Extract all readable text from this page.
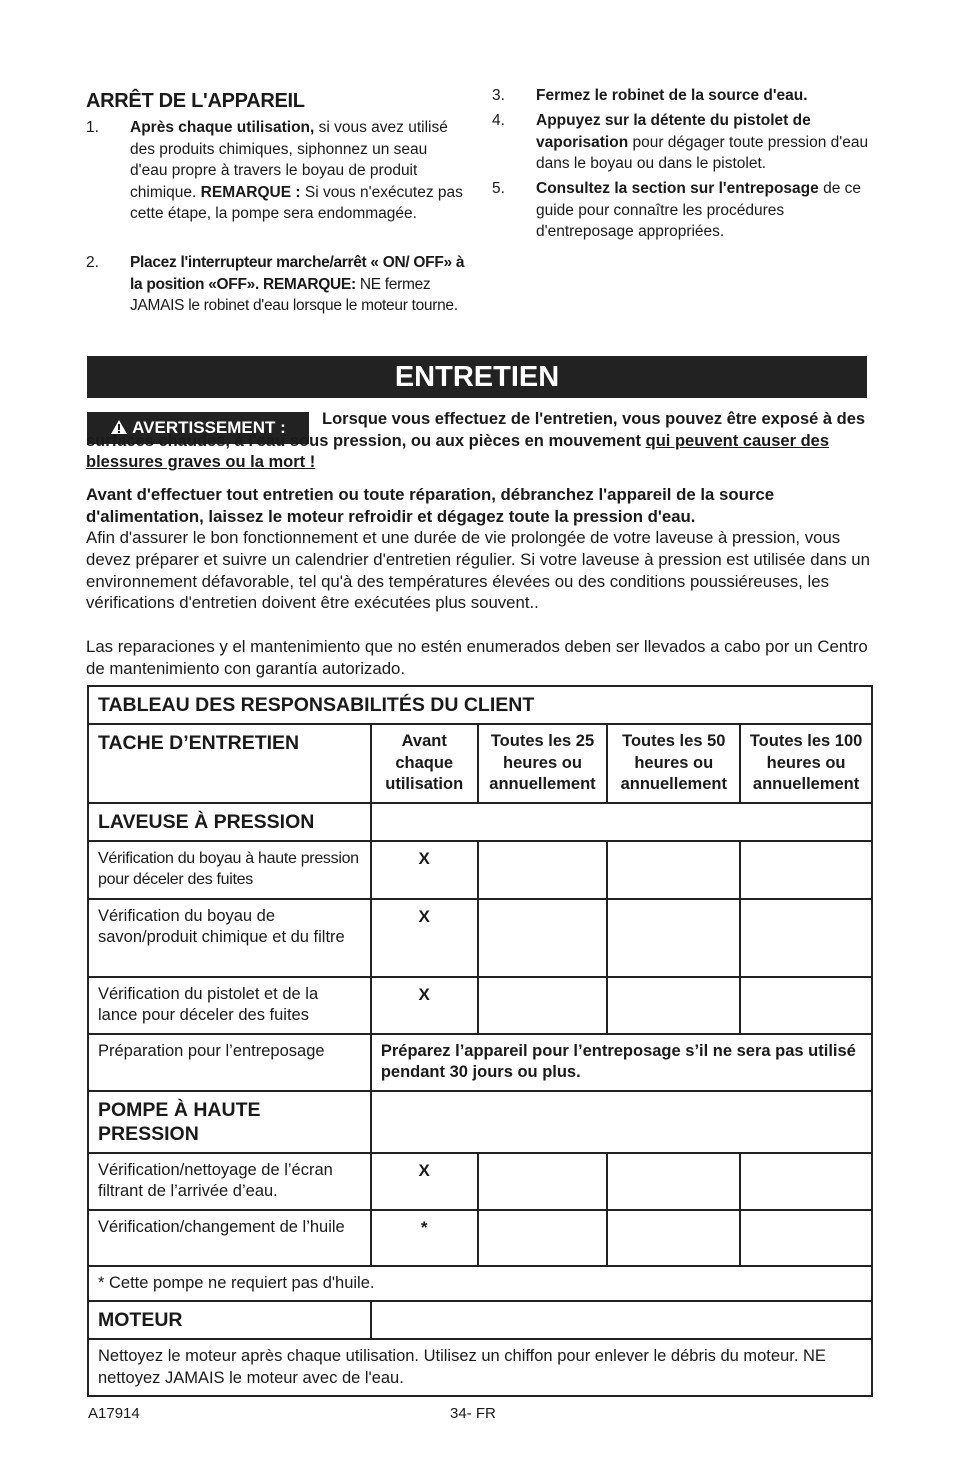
ARRÊT DE L'APPAREIL
1. Après chaque utilisation, si vous avez utilisé des produits chimiques, siphonnez un seau d'eau propre à travers le boyau de produit chimique. REMARQUE : Si vous n'exécutez pas cette étape, la pompe sera endommagée.
2. Placez l'interrupteur marche/arrêt « ON/ OFF» à la position «OFF». REMARQUE: NE fermez JAMAIS le robinet d'eau lorsque le moteur tourne.
3. Fermez le robinet de la source d'eau.
4. Appuyez sur la détente du pistolet de vaporisation pour dégager toute pression d'eau dans le boyau ou dans le pistolet.
5. Consultez la section sur l'entreposage de ce guide pour connaître les procédures d'entreposage appropriées.
ENTRETIEN
AVERTISSEMENT :	Lorsque vous effectuez de l'entretien, vous pouvez être exposé à des surfaces chaudes, à l'eau sous pression, ou aux pièces en mouvement qui peuvent causer des blessures graves ou la mort !
Avant d'effectuer tout entretien ou toute réparation, débranchez l'appareil de la source d'alimentation, laissez le moteur refroidir et dégagez toute la pression d'eau.
Afin d'assurer le bon fonctionnement et une durée de vie prolongée de votre laveuse à pression, vous devez préparer et suivre un calendrier d'entretien régulier. Si votre laveuse à pression est utilisée dans un environnement défavorable, tel qu'à des températures élevées ou des conditions poussiéreuses, les vérifications d'entretien doivent être exécutées plus souvent..
Las reparaciones y el mantenimiento que no estén enumerados deben ser llevados a cabo por un Centro de mantenimiento con garantía autorizado.
TABLEAU DES RESPONSABILITÉS DU CLIENT				
TACHE D’ENTRETIEN	Avant chaque utilisation	Toutes les 25 heures ou annuellement	Toutes les 50 heures ou annuellement	Toutes les 100 heures ou annuellement
LAVEUSE À PRESSION				
Vérification du boyau à haute pression pour déceler des fuites	X			
Vérification du boyau de savon/produit chimique et du filtre	X			
Vérification du pistolet et de la lance pour déceler des fuites	X			
Préparation pour l’entreposage	Préparez l’appareil pour l’entreposage s’il ne sera pas utilisé pendant 30 jours ou plus.			
POMPE À HAUTE PRESSION				
Vérification/nettoyage de l’écran filtrant de l’arrivée d’eau.	X			
Vérification/changement de l’huile	*			
* Cette pompe ne requiert pas d'huile.				
MOTEUR				
Nettoyez le moteur après chaque utilisation. Utilisez un chiffon pour enlever le débris du moteur. NE nettoyez JAMAIS le moteur avec de l'eau.				
A17914	34- FR
